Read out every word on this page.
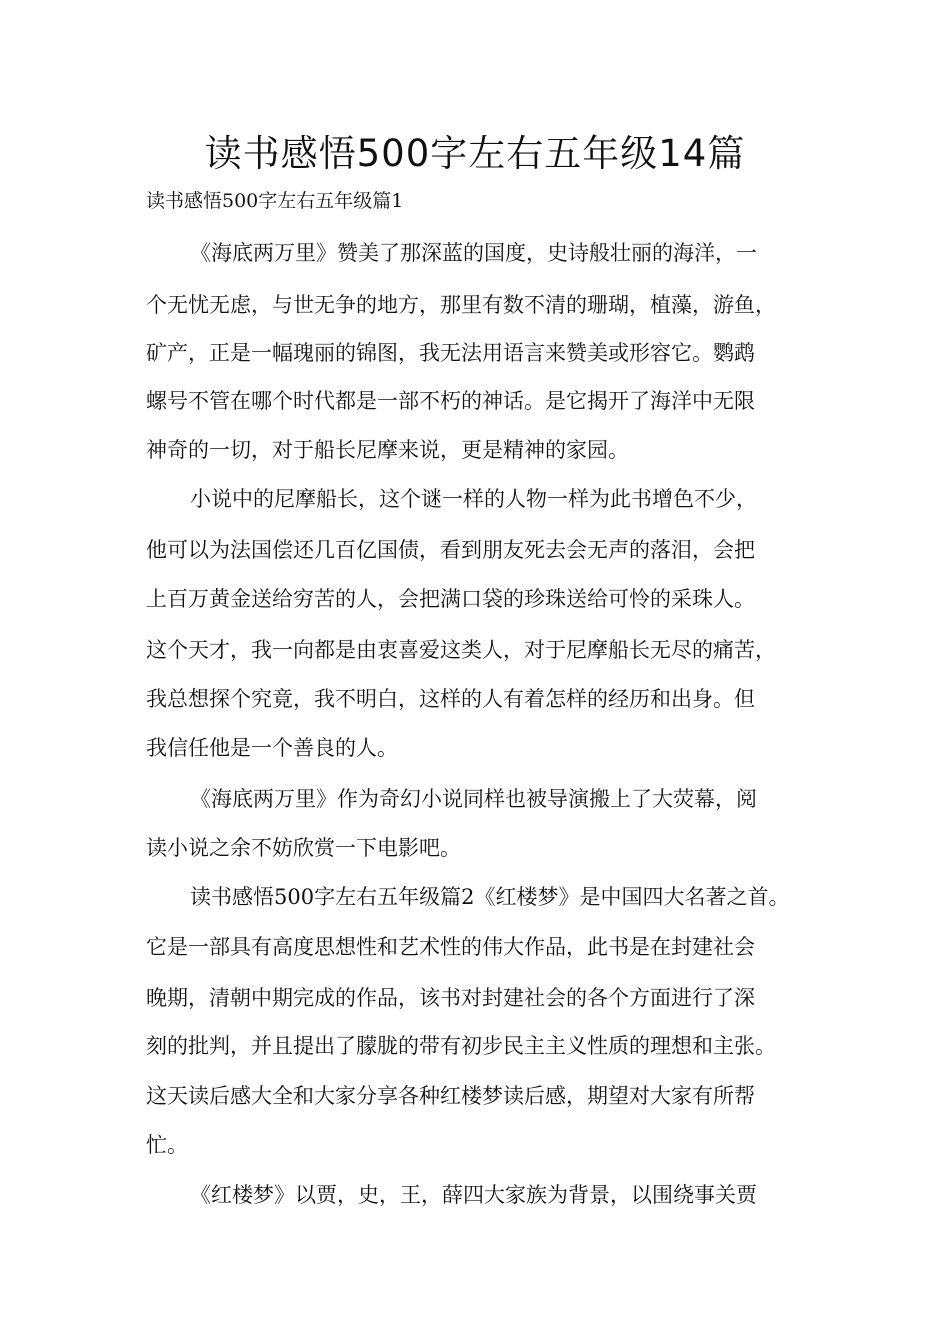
读书感悟500字左右五年级14篇
读书感悟500字左右五年级篇1
《海底两万里》赞美了那深蓝的国度，史诗般壮丽的海洋，一
个无忧无虑，与世无争的地方，那里有数不清的珊瑚，植藻，游鱼，
矿产，正是一幅瑰丽的锦图，我无法用语言来赞美或形容它。鹦鹉
螺号不管在哪个时代都是一部不朽的神话。是它揭开了海洋中无限
神奇的一切，对于船长尼摩来说，更是精神的家园。
小说中的尼摩船长，这个谜一样的人物一样为此书增色不少，
他可以为法国偿还几百亿国债，看到朋友死去会无声的落泪，会把
上百万黄金送给穷苦的人，会把满口袋的珍珠送给可怜的采珠人。
这个天才，我一向都是由衷喜爱这类人，对于尼摩船长无尽的痛苦，
我总想探个究竟，我不明白，这样的人有着怎样的经历和出身。但
我信任他是一个善良的人。
《海底两万里》作为奇幻小说同样也被导演搬上了大荧幕，阅
读小说之余不妨欣赏一下电影吧。
读书感悟500字左右五年级篇2《红楼梦》是中国四大名著之首。
它是一部具有高度思想性和艺术性的伟大作品，此书是在封建社会
晚期，清朝中期完成的作品，该书对封建社会的各个方面进行了深
刻的批判，并且提出了朦胧的带有初步民主主义性质的理想和主张。
这天读后感大全和大家分享各种红楼梦读后感，期望对大家有所帮
忙。
《红楼梦》以贾，史，王，薛四大家族为背景，以围绕事关贾
